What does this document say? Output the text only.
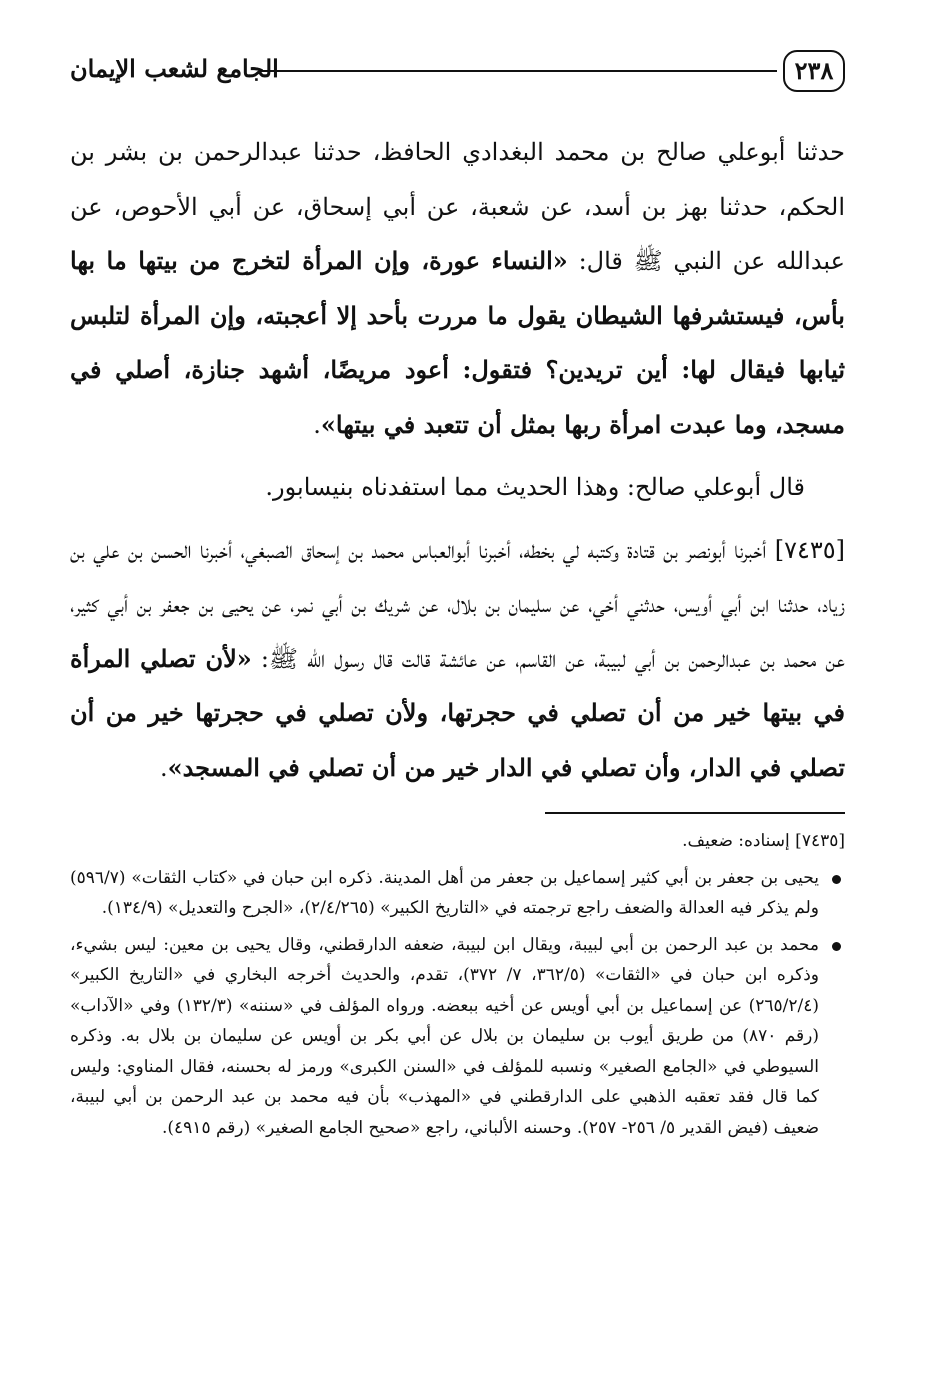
٢٣٨
الجامع لشعب الإيمان

حدثنا أبوعلي صالح بن محمد البغدادي الحافظ، حدثنا عبدالرحمن بن بشر بن الحكم، حدثنا بهز بن أسد، عن شعبة، عن أبي إسحاق، عن أبي الأحوص، عن عبدالله عن النبي ﷺ قال: «النساء عورة، وإن المرأة لتخرج من بيتها ما بها بأس، فيستشرفها الشيطان يقول ما مررت بأحد إلا أعجبته، وإن المرأة لتلبس ثيابها فيقال لها: أين تريدين؟ فتقول: أعود مريضًا، أشهد جنازة، أصلي في مسجد، وما عبدت امرأة ربها بمثل أن تتعبد في بيتها».

قال أبوعلي صالح: وهذا الحديث مما استفدناه بنيسابور.

[٧٤٣٥] أخبرنا أبونصر بن قتادة وكتبه لي بخطه، أخبرنا أبوالعباس محمد بن إسحاق الصبغي، أخبرنا الحسن بن علي بن زياد، حدثنا ابن أبي أويس، حدثني أخي، عن سليمان بن بلال، عن شريك بن أبي نمر، عن يحيى بن جعفر بن أبي كثير، عن محمد بن عبدالرحمن بن أبي لبيبة، عن القاسم، عن عائشة قالت قال رسول الله ﷺ: «لأن تصلي المرأة في بيتها خير من أن تصلي في حجرتها، ولأن تصلي في حجرتها خير من أن تصلي في الدار، وأن تصلي في الدار خير من أن تصلي في المسجد».

[٧٤٣٥] إسناده: ضعيف.

يحيى بن جعفر بن أبي كثير إسماعيل بن جعفر من أهل المدينة. ذكره ابن حبان في «كتاب الثقات» (٥٩٦/٧) ولم يذكر فيه العدالة والضعف راجع ترجمته في «التاريخ الكبير» (٢/٤/٢٦٥)، «الجرح والتعديل» (١٣٤/٩).

محمد بن عبد الرحمن بن أبي لبيبة، ويقال ابن لبيبة، ضعفه الدارقطني، وقال يحيى بن معين: ليس بشيء، وذكره ابن حبان في «الثقات» (٣٦٢/٥، ٧/ ٣٧٢)، تقدم، والحديث أخرجه البخاري في «التاريخ الكبير» (٢٦٥/٢/٤) عن إسماعيل بن أبي أويس عن أخيه ببعضه. ورواه المؤلف في «سننه» (١٣٢/٣) وفي «الآداب» (رقم ٨٧٠) من طريق أيوب بن سليمان بن بلال عن أبي بكر بن أويس عن سليمان بن بلال به. وذكره السيوطي في «الجامع الصغير» ونسبه للمؤلف في «السنن الكبرى» ورمز له بحسنه، فقال المناوي: وليس كما قال فقد تعقبه الذهبي على الدارقطني في «المهذب» بأن فيه محمد بن عبد الرحمن بن أبي لبيبة، ضعيف (فيض القدير ٥/ ٢٥٦- ٢٥٧). وحسنه الألباني، راجع «صحيح الجامع الصغير» (رقم ٤٩١٥).
